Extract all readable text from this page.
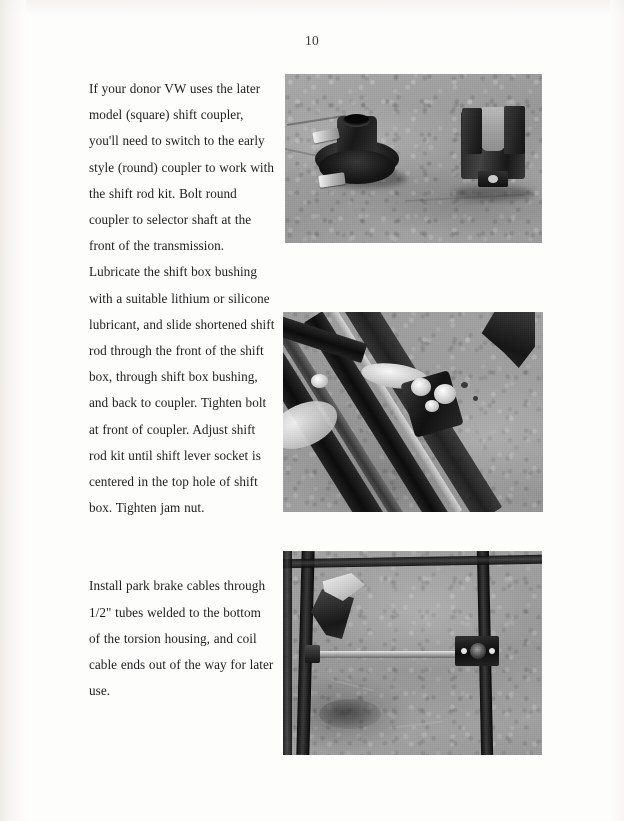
10

If your donor VW uses the later model (square) shift coupler, you'll need to switch to the early style (round) coupler to work with the shift rod kit. Bolt round coupler to selector shaft at the front of the transmission. Lubricate the shift box bushing with a suitable lithium or silicone lubricant, and slide shortened shift rod through the front of the shift box, through shift box bushing, and back to coupler. Tighten bolt at front of coupler. Adjust shift rod kit until shift lever socket is centered in the top hole of shift box. Tighten jam nut.

Install park brake cables through 1/2" tubes welded to the bottom of the torsion housing, and coil cable ends out of the way for later use.
